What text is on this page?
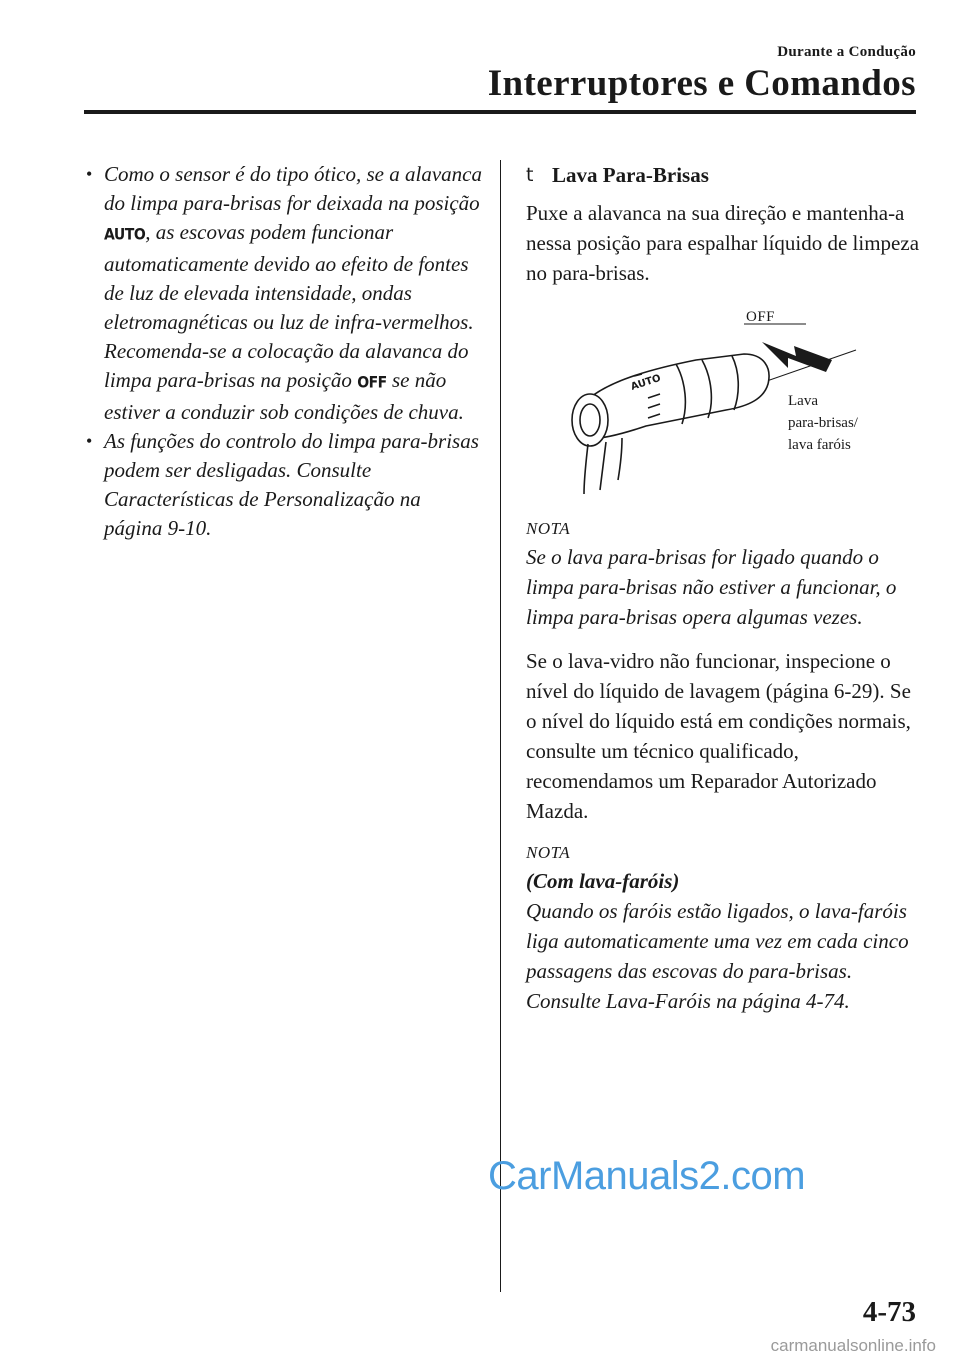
Durante a Condução
Interruptores e Comandos

• Como o sensor é do tipo ótico, se a alavanca do limpa para-brisas for deixada na posição AUTO, as escovas podem funcionar automaticamente devido ao efeito de fontes de luz de elevada intensidade, ondas eletromagnéticas ou luz de infra-vermelhos. Recomenda-se a colocação da alavanca do limpa para-brisas na posição OFF se não estiver a conduzir sob condições de chuva.

• As funções do controlo do limpa para-brisas podem ser desligadas. Consulte Características de Personalização na página 9-10.

t Lava Para-Brisas

Puxe a alavanca na sua direção e mantenha-a nessa posição para espalhar líquido de limpeza no para-brisas.

AUTO
OFF
Lava
para-brisas/
lava faróis

NOTA

Se o lava para-brisas for ligado quando o limpa para-brisas não estiver a funcionar, o limpa para-brisas opera algumas vezes.

Se o lava-vidro não funcionar, inspecione o nível do líquido de lavagem (página 6-29). Se o nível do líquido está em condições normais, consulte um técnico qualificado, recomendamos um Reparador Autorizado Mazda.

NOTA

(Com lava-faróis)

Quando os faróis estão ligados, o lava-faróis liga automaticamente uma vez em cada cinco passagens das escovas do para-brisas.
Consulte Lava-Faróis na página 4-74.

CarManuals2.com
4-73
carmanualsonline.info
